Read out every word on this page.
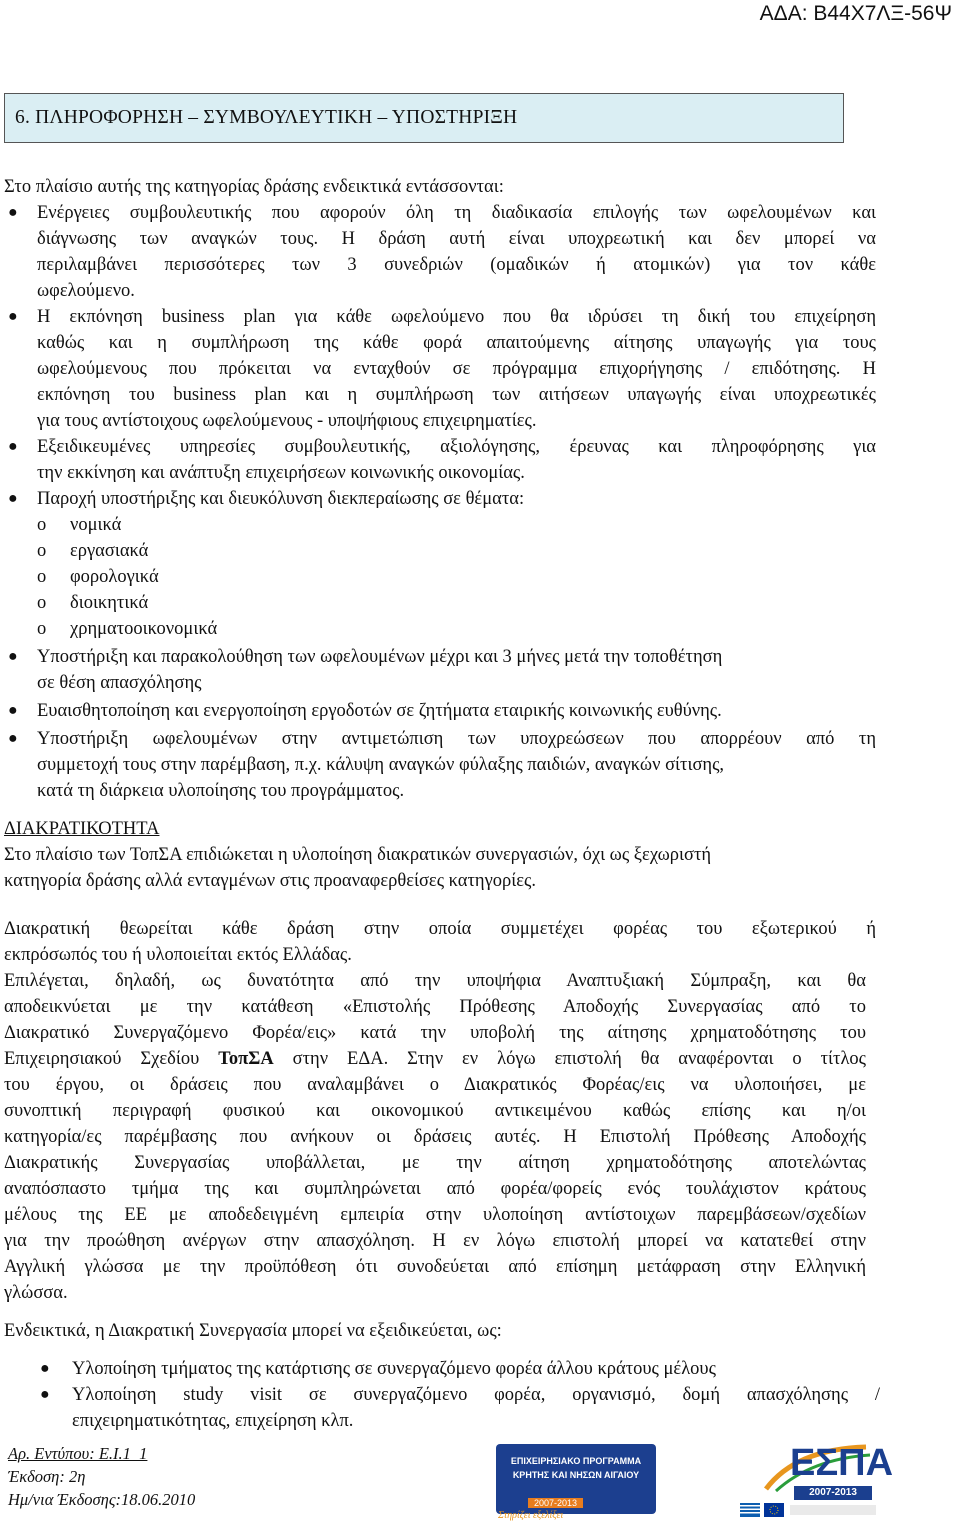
ΑΔΑ: Β44Χ7ΛΞ-56Ψ
6. ΠΛΗΡΟΦΟΡΗΣΗ – ΣΥΜΒΟΥΛΕΥΤΙΚΗ – ΥΠΟΣΤΗΡΙΞΗ
Στο πλαίσιο αυτής της κατηγορίας δράσης ενδεικτικά εντάσσονται:
● Ενέργειες συμβουλευτικής που αφορούν όλη τη διαδικασία επιλογής των ωφελουμένων και
διάγνωσης των αναγκών τους. Η δράση αυτή είναι υποχρεωτική και δεν μπορεί να
περιλαμβάνει περισσότερες των 3 συνεδριών (ομαδικών ή ατομικών) για τον κάθε
ωφελούμενο.
● Η εκπόνηση business plan για κάθε ωφελούμενο που θα ιδρύσει τη δική του επιχείρηση
καθώς και η συμπλήρωση της κάθε φορά απαιτούμενης αίτησης υπαγωγής για τους
ωφελούμενους που πρόκειται να ενταχθούν σε πρόγραμμα επιχορήγησης / επιδότησης. Η
εκπόνηση του business plan και η συμπλήρωση των αιτήσεων υπαγωγής είναι υποχρεωτικές
για τους αντίστοιχους ωφελούμενους - υποψήφιους επιχειρηματίες.
● Εξειδικευμένες υπηρεσίες συμβουλευτικής, αξιολόγησης, έρευνας και πληροφόρησης για
την εκκίνηση και ανάπτυξη επιχειρήσεων κοινωνικής οικονομίας.
● Παροχή υποστήριξης και διευκόλυνση διεκπεραίωσης σε θέματα:
o νομικά
o εργασιακά
o φορολογικά
o διοικητικά
o χρηματοοικονομικά
● Υποστήριξη και παρακολούθηση των ωφελουμένων μέχρι και 3 μήνες μετά την τοποθέτηση
σε θέση απασχόλησης
● Ευαισθητοποίηση και ενεργοποίηση εργοδοτών σε ζητήματα εταιρικής κοινωνικής ευθύνης.
● Υποστήριξη ωφελουμένων στην αντιμετώπιση των υποχρεώσεων που απορρέουν από τη
συμμετοχή τους στην παρέμβαση, π.χ. κάλυψη αναγκών φύλαξης παιδιών, αναγκών σίτισης,
κατά τη διάρκεια υλοποίησης του προγράμματος.
ΔΙΑΚΡΑΤΙΚΟΤΗΤΑ
Στο πλαίσιο των ΤοπΣΑ επιδιώκεται η υλοποίηση διακρατικών συνεργασιών, όχι ως ξεχωριστή
κατηγορία δράσης αλλά ενταγμένων στις προαναφερθείσες κατηγορίες.
Διακρατική θεωρείται κάθε δράση στην οποία συμμετέχει φορέας του εξωτερικού ή
εκπρόσωπός του ή υλοποιείται εκτός Ελλάδας.
Επιλέγεται, δηλαδή, ως δυνατότητα από την υποψήφια Αναπτυξιακή Σύμπραξη, και θα
αποδεικνύεται με την κατάθεση «Επιστολής Πρόθεσης Αποδοχής Συνεργασίας από το
Διακρατικό Συνεργαζόμενο Φορέα/εις» κατά την υποβολή της αίτησης χρηματοδότησης του
Επιχειρησιακού Σχεδίου ΤοπΣΑ στην ΕΔΑ. Στην εν λόγω επιστολή θα αναφέρονται ο τίτλος
του έργου, οι δράσεις που αναλαμβάνει ο Διακρατικός Φορέας/εις να υλοποιήσει, με
συνοπτική περιγραφή φυσικού και οικονομικού αντικειμένου καθώς επίσης και η/οι
κατηγορία/ες παρέμβασης που ανήκουν οι δράσεις αυτές. Η Επιστολή Πρόθεσης Αποδοχής
Διακρατικής Συνεργασίας υποβάλλεται, με την αίτηση χρηματοδότησης αποτελώντας
αναπόσπαστο τμήμα της και συμπληρώνεται από φορέα/φορείς ενός τουλάχιστον κράτους
μέλους της ΕΕ με αποδεδειγμένη εμπειρία στην υλοποίηση αντίστοιχων παρεμβάσεων/σχεδίων
για την προώθηση ανέργων στην απασχόληση. Η εν λόγω επιστολή μπορεί να κατατεθεί στην
Αγγλική γλώσσα με την προϋπόθεση ότι συνοδεύεται από επίσημη μετάφραση στην Ελληνική
γλώσσα.
Ενδεικτικά, η Διακρατική Συνεργασία μπορεί να εξειδικεύεται, ως:
● Υλοποίηση τμήματος της κατάρτισης σε συνεργαζόμενο φορέα άλλου κράτους μέλους
● Υλοποίηση study visit σε συνεργαζόμενο φορέα, οργανισμό, δομή απασχόλησης /
επιχειρηματικότητας, επιχείρηση κλπ.
Αρ. Εντύπου: Ε.Ι.1_1
Έκδοση: 2η
Ημ/νια Έκδοσης:18.06.2010
ΕΠΙΧΕΙΡΗΣΙΑΚΟ ΠΡΟΓΡΑΜΜΑ
ΚΡΗΤΗΣ ΚΑΙ ΝΗΣΩΝ ΑΙΓΑΙΟΥ
2007-2013
Στηρίζει εξελίξει
ΕΣΠΑ
2007-2013
